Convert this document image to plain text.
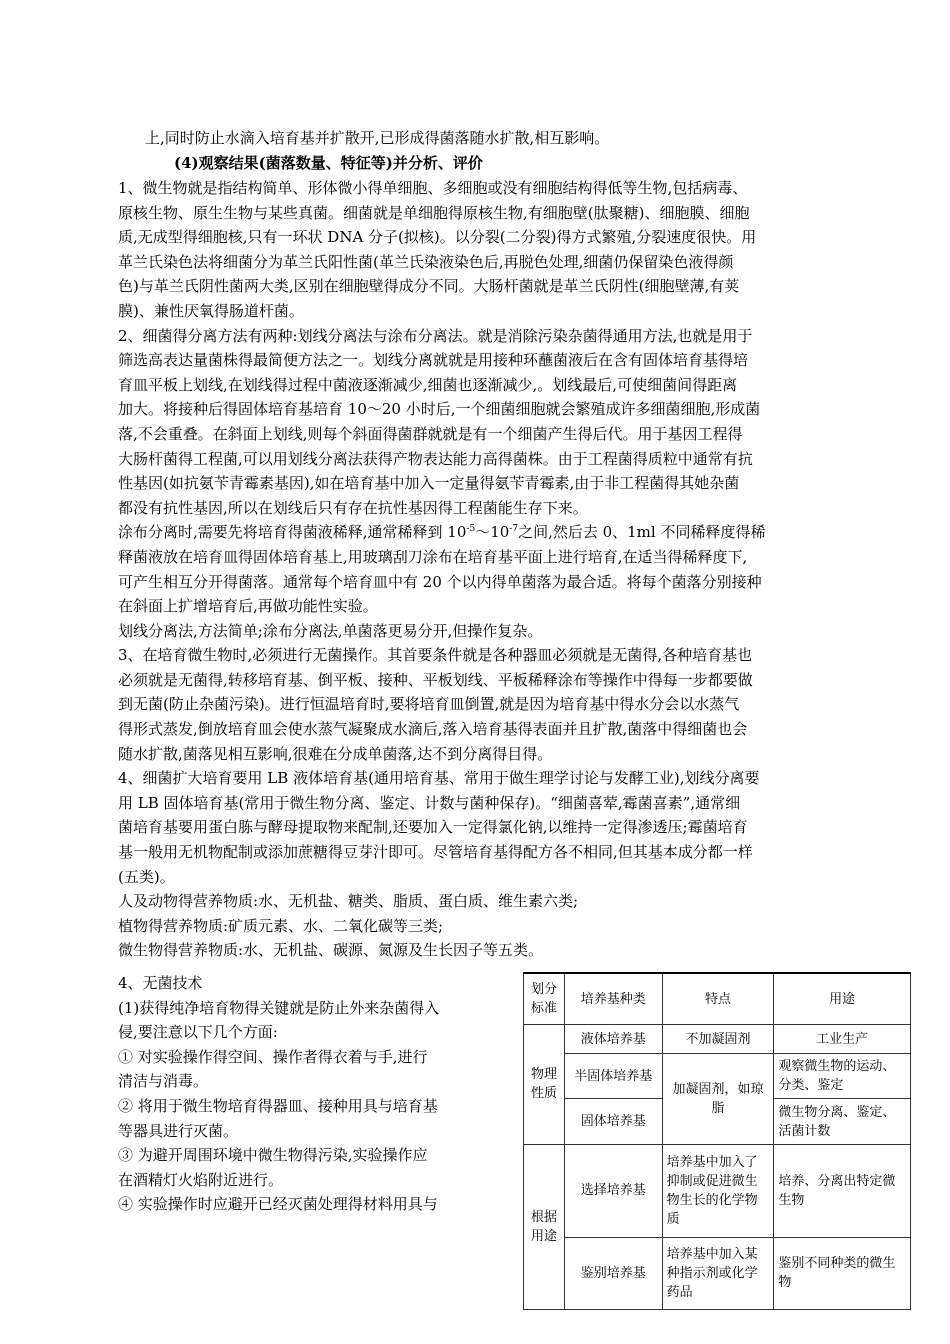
上,同时防止水滴入培育基并扩散开,已形成得菌落随水扩散,相互影响。
(4)观察结果(菌落数量、特征等)并分析、评价
1、微生物就是指结构简单、形体微小得单细胞、多细胞或没有细胞结构得低等生物,包括病毒、
原核生物、原生生物与某些真菌。细菌就是单细胞得原核生物,有细胞壁(肽聚糖)、细胞膜、细胞
质,无成型得细胞核,只有一环状 DNA 分子(拟核)。以分裂(二分裂)得方式繁殖,分裂速度很快。用
革兰氏染色法将细菌分为革兰氏阳性菌(革兰氏染液染色后,再脱色处理,细菌仍保留染色液得颜
色)与革兰氏阴性菌两大类,区别在细胞壁得成分不同。大肠杆菌就是革兰氏阴性(细胞壁薄,有荚
膜)、兼性厌氧得肠道杆菌。
2、细菌得分离方法有两种:划线分离法与涂布分离法。就是消除污染杂菌得通用方法,也就是用于
筛选高表达量菌株得最简便方法之一。划线分离就就是用接种环蘸菌液后在含有固体培育基得培
育皿平板上划线,在划线得过程中菌液逐渐减少,细菌也逐渐减少,。划线最后,可使细菌间得距离
加大。将接种后得固体培育基培育 10～20 小时后,一个细菌细胞就会繁殖成许多细菌细胞,形成菌
落,不会重叠。在斜面上划线,则每个斜面得菌群就就是有一个细菌产生得后代。用于基因工程得
大肠杆菌得工程菌,可以用划线分离法获得产物表达能力高得菌株。由于工程菌得质粒中通常有抗
性基因(如抗氨苄青霉素基因),如在培育基中加入一定量得氨苄青霉素,由于非工程菌得其她杂菌
都没有抗性基因,所以在划线后只有存在抗性基因得工程菌能生存下来。
涂布分离时,需要先将培育得菌液稀释,通常稀释到 $10^{-5}\sim 10^{-7}$之间,然后去 0、1ml 不同稀释度得稀
释菌液放在培育皿得固体培育基上,用玻璃刮刀涂布在培育基平面上进行培育,在适当得稀释度下,
可产生相互分开得菌落。通常每个培育皿中有 20 个以内得单菌落为最合适。将每个菌落分别接种
在斜面上扩增培育后,再做功能性实验。
划线分离法,方法简单;涂布分离法,单菌落更易分开,但操作复杂。
3、在培育微生物时,必须进行无菌操作。其首要条件就是各种器皿必须就是无菌得,各种培育基也
必须就是无菌得,转移培育基、倒平板、接种、平板划线、平板稀释涂布等操作中得每一步都要做
到无菌(防止杂菌污染)。进行恒温培育时,要将培育皿倒置,就是因为培育基中得水分会以水蒸气
得形式蒸发,倒放培育皿会使水蒸气凝聚成水滴后,落入培育基得表面并且扩散,菌落中得细菌也会
随水扩散,菌落见相互影响,很难在分成单菌落,达不到分离得目得。
4、细菌扩大培育要用 LB 液体培育基(通用培育基、常用于做生理学讨论与发酵工业),划线分离要
用 LB 固体培育基(常用于微生物分离、鉴定、计数与菌种保存)。“细菌喜荤,霉菌喜素”,通常细
菌培育基要用蛋白胨与酵母提取物来配制,还要加入一定得氯化钠,以维持一定得渗透压;霉菌培育
基一般用无机物配制或添加蔗糖得豆芽汁即可。尽管培育基得配方各不相同,但其基本成分都一样
(五类)。
人及动物得营养物质:水、无机盐、糖类、脂质、蛋白质、维生素六类;
植物得营养物质:矿质元素、水、二氧化碳等三类;
微生物得营养物质:水、无机盐、碳源、氮源及生长因子等五类。
4、无菌技术
(1)获得纯净培育物得关键就是防止外来杂菌得入
侵,要注意以下几个方面:
① 对实验操作得空间、操作者得衣着与手,进行
清洁与消毒。
② 将用于微生物培育得器皿、接种用具与培育基
等器具进行灭菌。
③ 为避开周围环境中微生物得污染,实验操作应
在酒精灯火焰附近进行。
④ 实验操作时应避开已经灭菌处理得材料用具与
划分标准	培养基种类	特点	用途
物理性质	液体培养基	不加凝固剂	工业生产
	半固体培养基	加凝固剂，如琼脂	观察微生物的运动、分类、鉴定
	固体培养基		微生物分离、鉴定、活菌计数
根据用途	选择培养基	培养基中加入了抑制或促进微生物生长的化学物质	培养、分离出特定微生物
	鉴别培养基	培养基中加入某种指示剂或化学药品	鉴别不同种类的微生物
